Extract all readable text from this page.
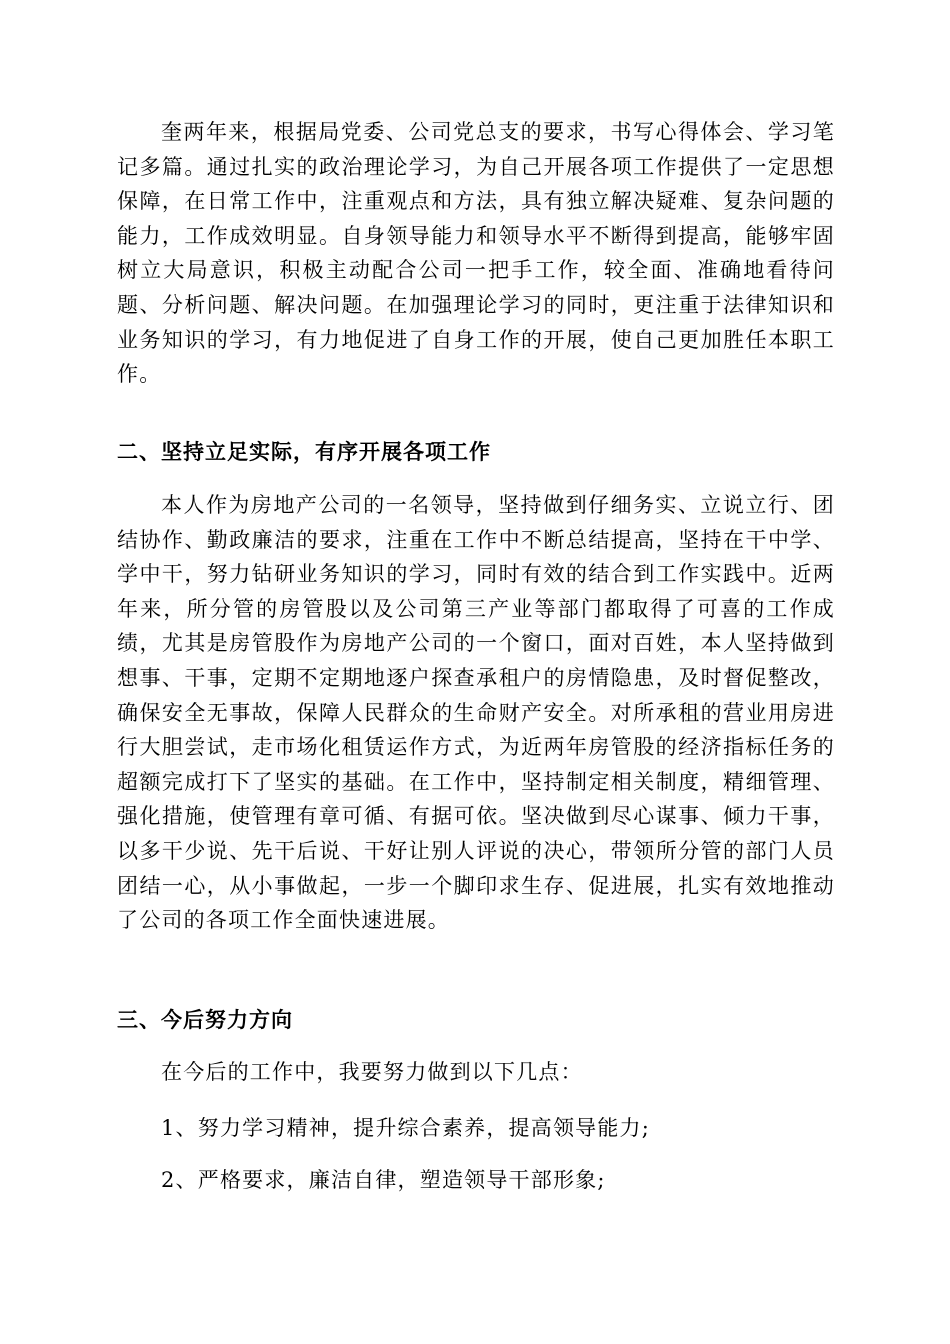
奎两年来，根据局党委、公司党总支的要求，书写心得体会、学习笔记多篇。通过扎实的政治理论学习，为自己开展各项工作提供了一定思想保障，在日常工作中，注重观点和方法，具有独立解决疑难、复杂问题的能力，工作成效明显。自身领导能力和领导水平不断得到提高，能够牢固树立大局意识，积极主动配合公司一把手工作，较全面、准确地看待问题、分析问题、解决问题。在加强理论学习的同时，更注重于法律知识和业务知识的学习，有力地促进了自身工作的开展，使自己更加胜任本职工作。

二、坚持立足实际，有序开展各项工作

本人作为房地产公司的一名领导，坚持做到仔细务实、立说立行、团结协作、勤政廉洁的要求，注重在工作中不断总结提高，坚持在干中学、学中干，努力钻研业务知识的学习，同时有效的结合到工作实践中。近两年来，所分管的房管股以及公司第三产业等部门都取得了可喜的工作成绩，尤其是房管股作为房地产公司的一个窗口，面对百姓，本人坚持做到想事、干事，定期不定期地逐户探查承租户的房情隐患，及时督促整改，确保安全无事故，保障人民群众的生命财产安全。对所承租的营业用房进行大胆尝试，走市场化租赁运作方式，为近两年房管股的经济指标任务的超额完成打下了坚实的基础。在工作中，坚持制定相关制度，精细管理、强化措施，使管理有章可循、有据可依。坚决做到尽心谋事、倾力干事，以多干少说、先干后说、干好让别人评说的决心，带领所分管的部门人员团结一心，从小事做起，一步一个脚印求生存、促进展，扎实有效地推动了公司的各项工作全面快速进展。

三、今后努力方向
在今后的工作中，我要努力做到以下几点：
1、努力学习精神，提升综合素养，提高领导能力;
2、严格要求，廉洁自律，塑造领导干部形象;
